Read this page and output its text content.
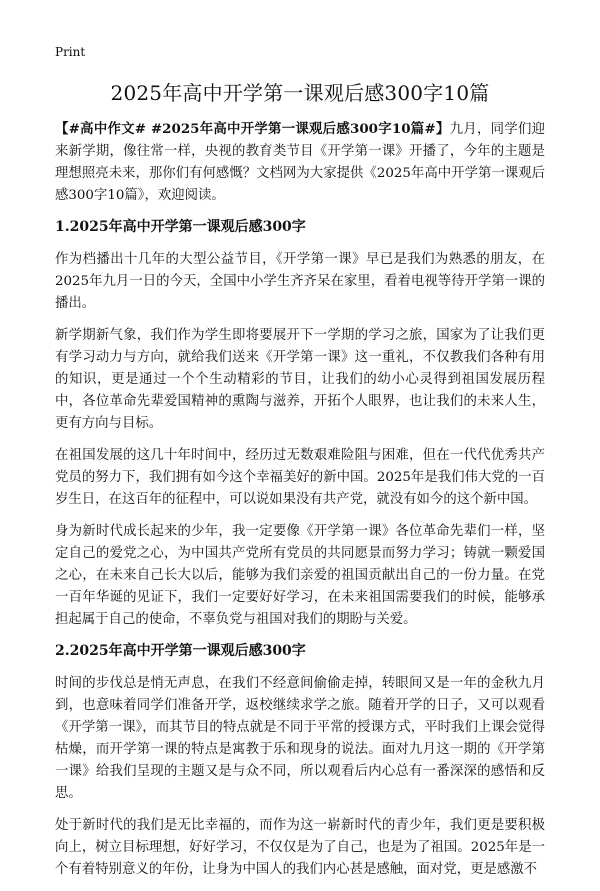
Print
2025年高中开学第一课观后感300字10篇

【#高中作文# #2025年高中开学第一课观后感300字10篇#】九月，同学们迎来新学期，像往常一样，央视的教育类节目《开学第一课》开播了，今年的主题是理想照亮未来，那你们有何感慨？文档网为大家提供《2025年高中开学第一课观后感300字10篇》，欢迎阅读。

1.2025年高中开学第一课观后感300字

作为档播出十几年的大型公益节目，《开学第一课》早已是我们为熟悉的朋友，在2025年九月一日的今天，全国中小学生齐齐呆在家里，看着电视等待开学第一课的播出。

新学期新气象，我们作为学生即将要展开下一学期的学习之旅，国家为了让我们更有学习动力与方向，就给我们送来《开学第一课》这一重礼，不仅教我们各种有用的知识，更是通过一个个生动精彩的节目，让我们的幼小心灵得到祖国发展历程中，各位革命先辈爱国精神的熏陶与滋养，开拓个人眼界，也让我们的未来人生，更有方向与目标。

在祖国发展的这几十年时间中，经历过无数艰难险阻与困难，但在一代代优秀共产党员的努力下，我们拥有如今这个幸福美好的新中国。2025年是我们伟大党的一百岁生日，在这百年的征程中，可以说如果没有共产党，就没有如今的这个新中国。

身为新时代成长起来的少年，我一定要像《开学第一课》各位革命先辈们一样，坚定自己的爱党之心，为中国共产党所有党员的共同愿景而努力学习；铸就一颗爱国之心，在未来自己长大以后，能够为我们亲爱的祖国贡献出自己的一份力量。在党一百年华诞的见证下，我们一定要好好学习，在未来祖国需要我们的时候，能够承担起属于自己的使命，不辜负党与祖国对我们的期盼与关爱。

2.2025年高中开学第一课观后感300字

时间的步伐总是悄无声息，在我们不经意间偷偷走掉，转眼间又是一年的金秋九月到，也意味着同学们准备开学，返校继续求学之旅。随着开学的日子，又可以观看《开学第一课》，而其节目的特点就是不同于平常的授课方式，平时我们上课会觉得枯燥，而开学第一课的特点是寓教于乐和现身的说法。面对九月这一期的《开学第一课》给我们呈现的主题又是与众不同，所以观看后内心总有一番深深的感悟和反思。

处于新时代的我们是无比幸福的，而作为这一崭新时代的青少年，我们更是要积极向上，树立目标理想，好好学习，不仅仅是为了自己，也是为了祖国。2025年是一个有着特别意义的年份，让身为中国人的我们内心甚是感触，面对党，更是感激不
